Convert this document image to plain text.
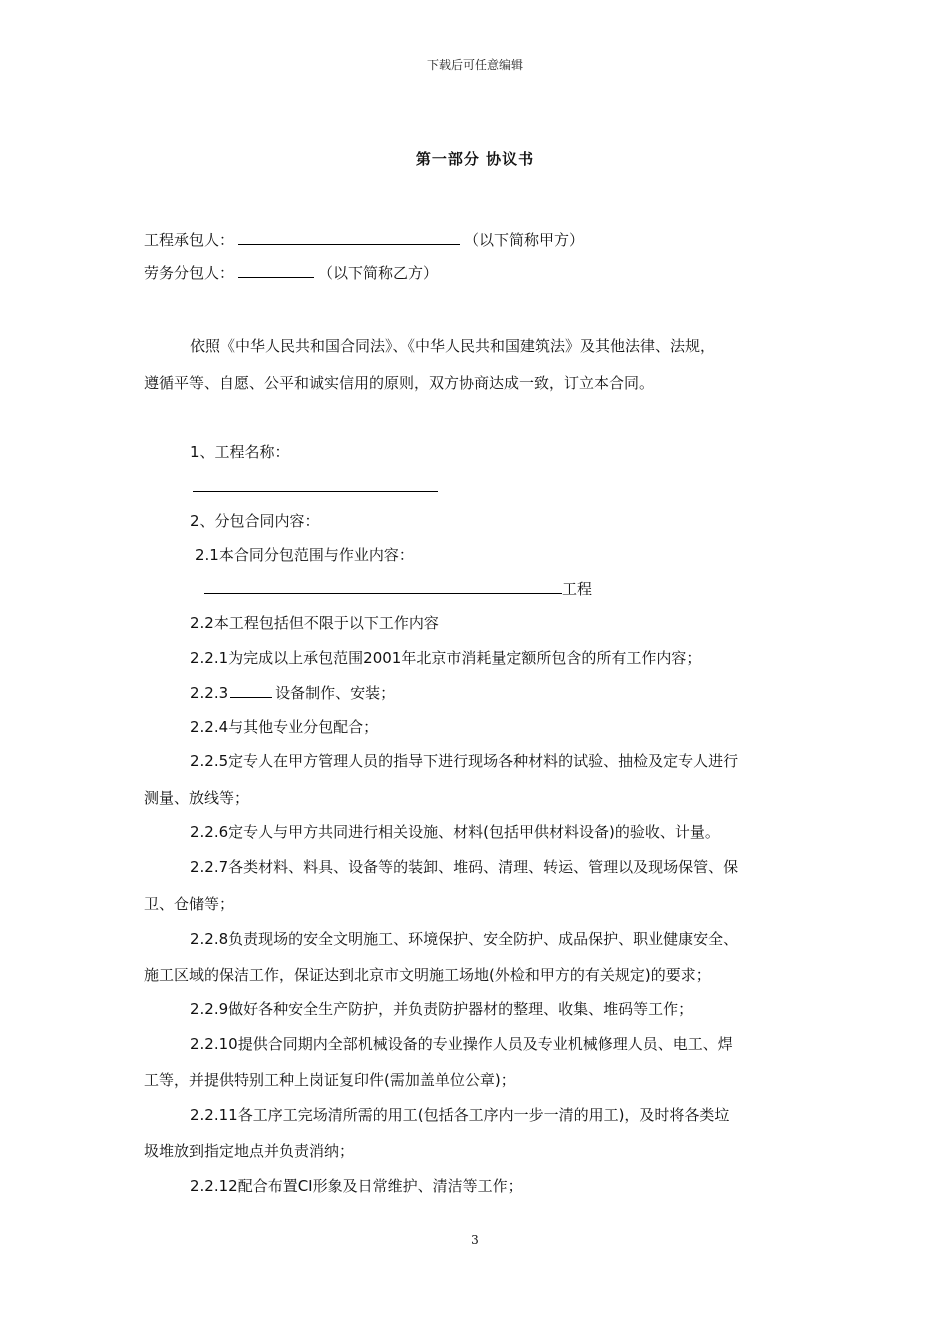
下载后可任意编辑
第一部分 协议书
工程承包人：	（以下简称甲方）
劳务分包人：	（以下简称乙方）
依照《中华人民共和国合同法》、《中华人民共和国建筑法》及其他法律、法规，
遵循平等、自愿、公平和诚实信用的原则，双方协商达成一致，订立本合同。
1、工程名称：
2、分包合同内容：
2.1本合同分包范围与作业内容：
工程
2.2本工程包括但不限于以下工作内容
2.2.1为完成以上承包范围2001年北京市消耗量定额所包含的所有工作内容；
2.2.3	设备制作、安装；
2.2.4与其他专业分包配合；
2.2.5定专人在甲方管理人员的指导下进行现场各种材料的试验、抽检及定专人进行
测量、放线等；
2.2.6定专人与甲方共同进行相关设施、材料(包括甲供材料设备)的验收、计量。
2.2.7各类材料、料具、设备等的装卸、堆码、清理、转运、管理以及现场保管、保
卫、仓储等；
2.2.8负责现场的安全文明施工、环境保护、安全防护、成品保护、职业健康安全、
施工区域的保洁工作，保证达到北京市文明施工场地(外检和甲方的有关规定)的要求；
2.2.9做好各种安全生产防护，并负责防护器材的整理、收集、堆码等工作；
2.2.10提供合同期内全部机械设备的专业操作人员及专业机械修理人员、电工、焊
工等，并提供特别工种上岗证复印件(需加盖单位公章)；
2.2.11各工序工完场清所需的用工(包括各工序内一步一清的用工)，及时将各类垃
圾堆放到指定地点并负责消纳；
2.2.12配合布置CI形象及日常维护、清洁等工作；
3
